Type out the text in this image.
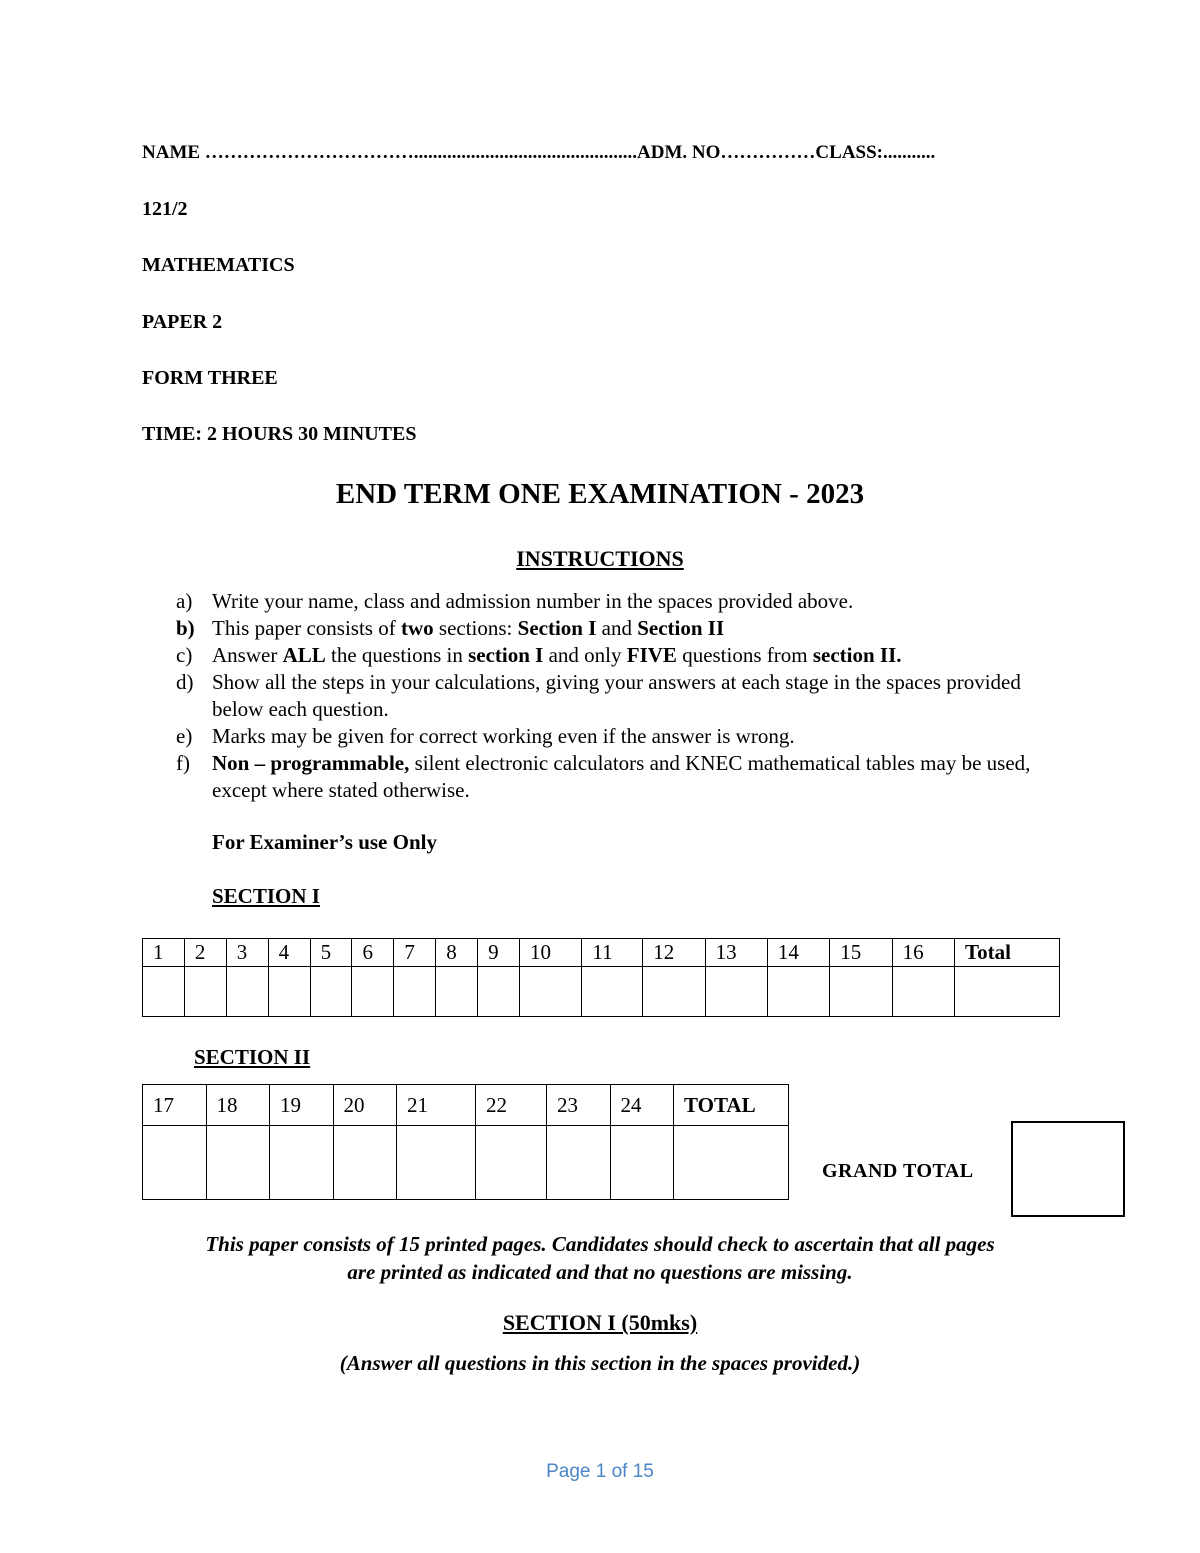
NAME ……………………………...............................................ADM. NO……………CLASS:...........
121/2
MATHEMATICS
PAPER 2
FORM THREE
TIME: 2 HOURS 30 MINUTES
END TERM ONE EXAMINATION - 2023
INSTRUCTIONS
a) Write your name, class and admission number in the spaces provided above.
b) This paper consists of two sections: Section I and Section II
c) Answer ALL the questions in section I and only FIVE questions from section II.
d) Show all the steps in your calculations, giving your answers at each stage in the spaces provided below each question.
e) Marks may be given for correct working even if the answer is wrong.
f) Non – programmable, silent electronic calculators and KNEC mathematical tables may be used, except where stated otherwise.
For Examiner’s use Only
SECTION I
1	2	3	4	5	6	7	8	9	10	11	12	13	14	15	16	Total

SECTION II
17	18	19	20	21	22	23	24	TOTAL

GRAND TOTAL
This paper consists of 15 printed pages. Candidates should check to ascertain that all pages
are printed as indicated and that no questions are missing.
SECTION I (50mks)
(Answer all questions in this section in the spaces provided.)
Page 1 of 15
